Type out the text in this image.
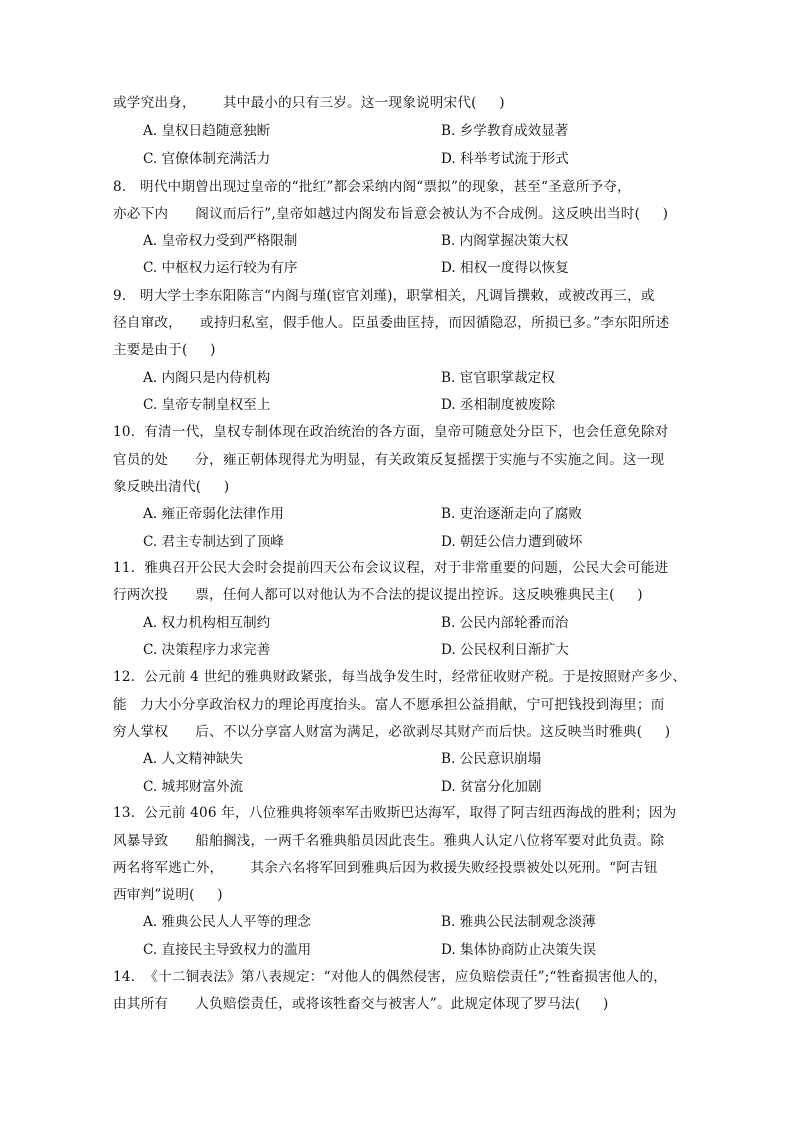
或学究出身，      其中最小的只有三岁。这一现象说明宋代(     )
A. 皇权日趋随意独断	B. 乡学教育成效显著
C. 官僚体制充满活力	D. 科举考试流于形式
8.   明代中期曾出现过皇帝的“批红”都会采纳内阁“票拟”的现象，甚至“圣意所予夺，
亦必下内      阁议而后行”,皇帝如越过内阁发布旨意会被认为不合成例。这反映出当时(     )
A. 皇帝权力受到严格限制	B. 内阁掌握决策大权
C. 中枢权力运行较为有序	D. 相权一度得以恢复
9.   明大学士李东阳陈言“内阁与瑾(宦官刘瑾)，职掌相关，凡调旨撰敕，或被改再三，或
径自窜改，    或持归私室，假手他人。臣虽委曲匡持，而因循隐忍，所损已多。”李东阳所述
主要是由于(     )
A. 内阁只是内侍机构	B. 宦官职掌裁定权
C. 皇帝专制皇权至上	D. 丞相制度被废除
10.  有清一代，皇权专制体现在政治统治的各方面，皇帝可随意处分臣下，也会任意免除对
官员的处      分，雍正朝体现得尤为明显，有关政策反复摇摆于实施与不实施之间。这一现
象反映出清代(     )
A. 雍正帝弱化法律作用	B. 吏治逐渐走向了腐败
C. 君主专制达到了顶峰	D. 朝廷公信力遭到破坏
11.  雅典召开公民大会时会提前四天公布会议议程，对于非常重要的问题，公民大会可能进
行两次投      票，任何人都可以对他认为不合法的提议提出控诉。这反映雅典民主(     )
A. 权力机构相互制约	B. 公民内部轮番而治
C. 决策程序力求完善	D. 公民权利日渐扩大
12.  公元前 4 世纪的雅典财政紧张，每当战争发生时，经常征收财产税。于是按照财产多少、
能   力大小分享政治权力的理论再度抬头。富人不愿承担公益捐献，宁可把钱投到海里；而
穷人掌权      后、不以分享富人财富为满足，必欲剥尽其财产而后快。这反映当时雅典(     )
A. 人文精神缺失	B. 公民意识崩塌
C. 城邦财富外流	D. 贫富分化加剧
13.  公元前 406 年，八位雅典将领率军击败斯巴达海军，取得了阿吉纽西海战的胜利；因为
风暴导致      船舶搁浅，一两千名雅典船员因此丧生。雅典人认定八位将军要对此负责。除
两名将军逃亡外，      其余六名将军回到雅典后因为救援失败经投票被处以死刑。“阿吉钮
西审判”说明(     )
A. 雅典公民人人平等的理念	B. 雅典公民法制观念淡薄
C. 直接民主导致权力的滥用	D. 集体协商防止决策失误
14.  《十二铜表法》第八表规定：“对他人的偶然侵害，应负赔偿责任”;“牲畜损害他人的，
由其所有      人负赔偿责任，或将该牲畜交与被害人”。此规定体现了罗马法(     )
